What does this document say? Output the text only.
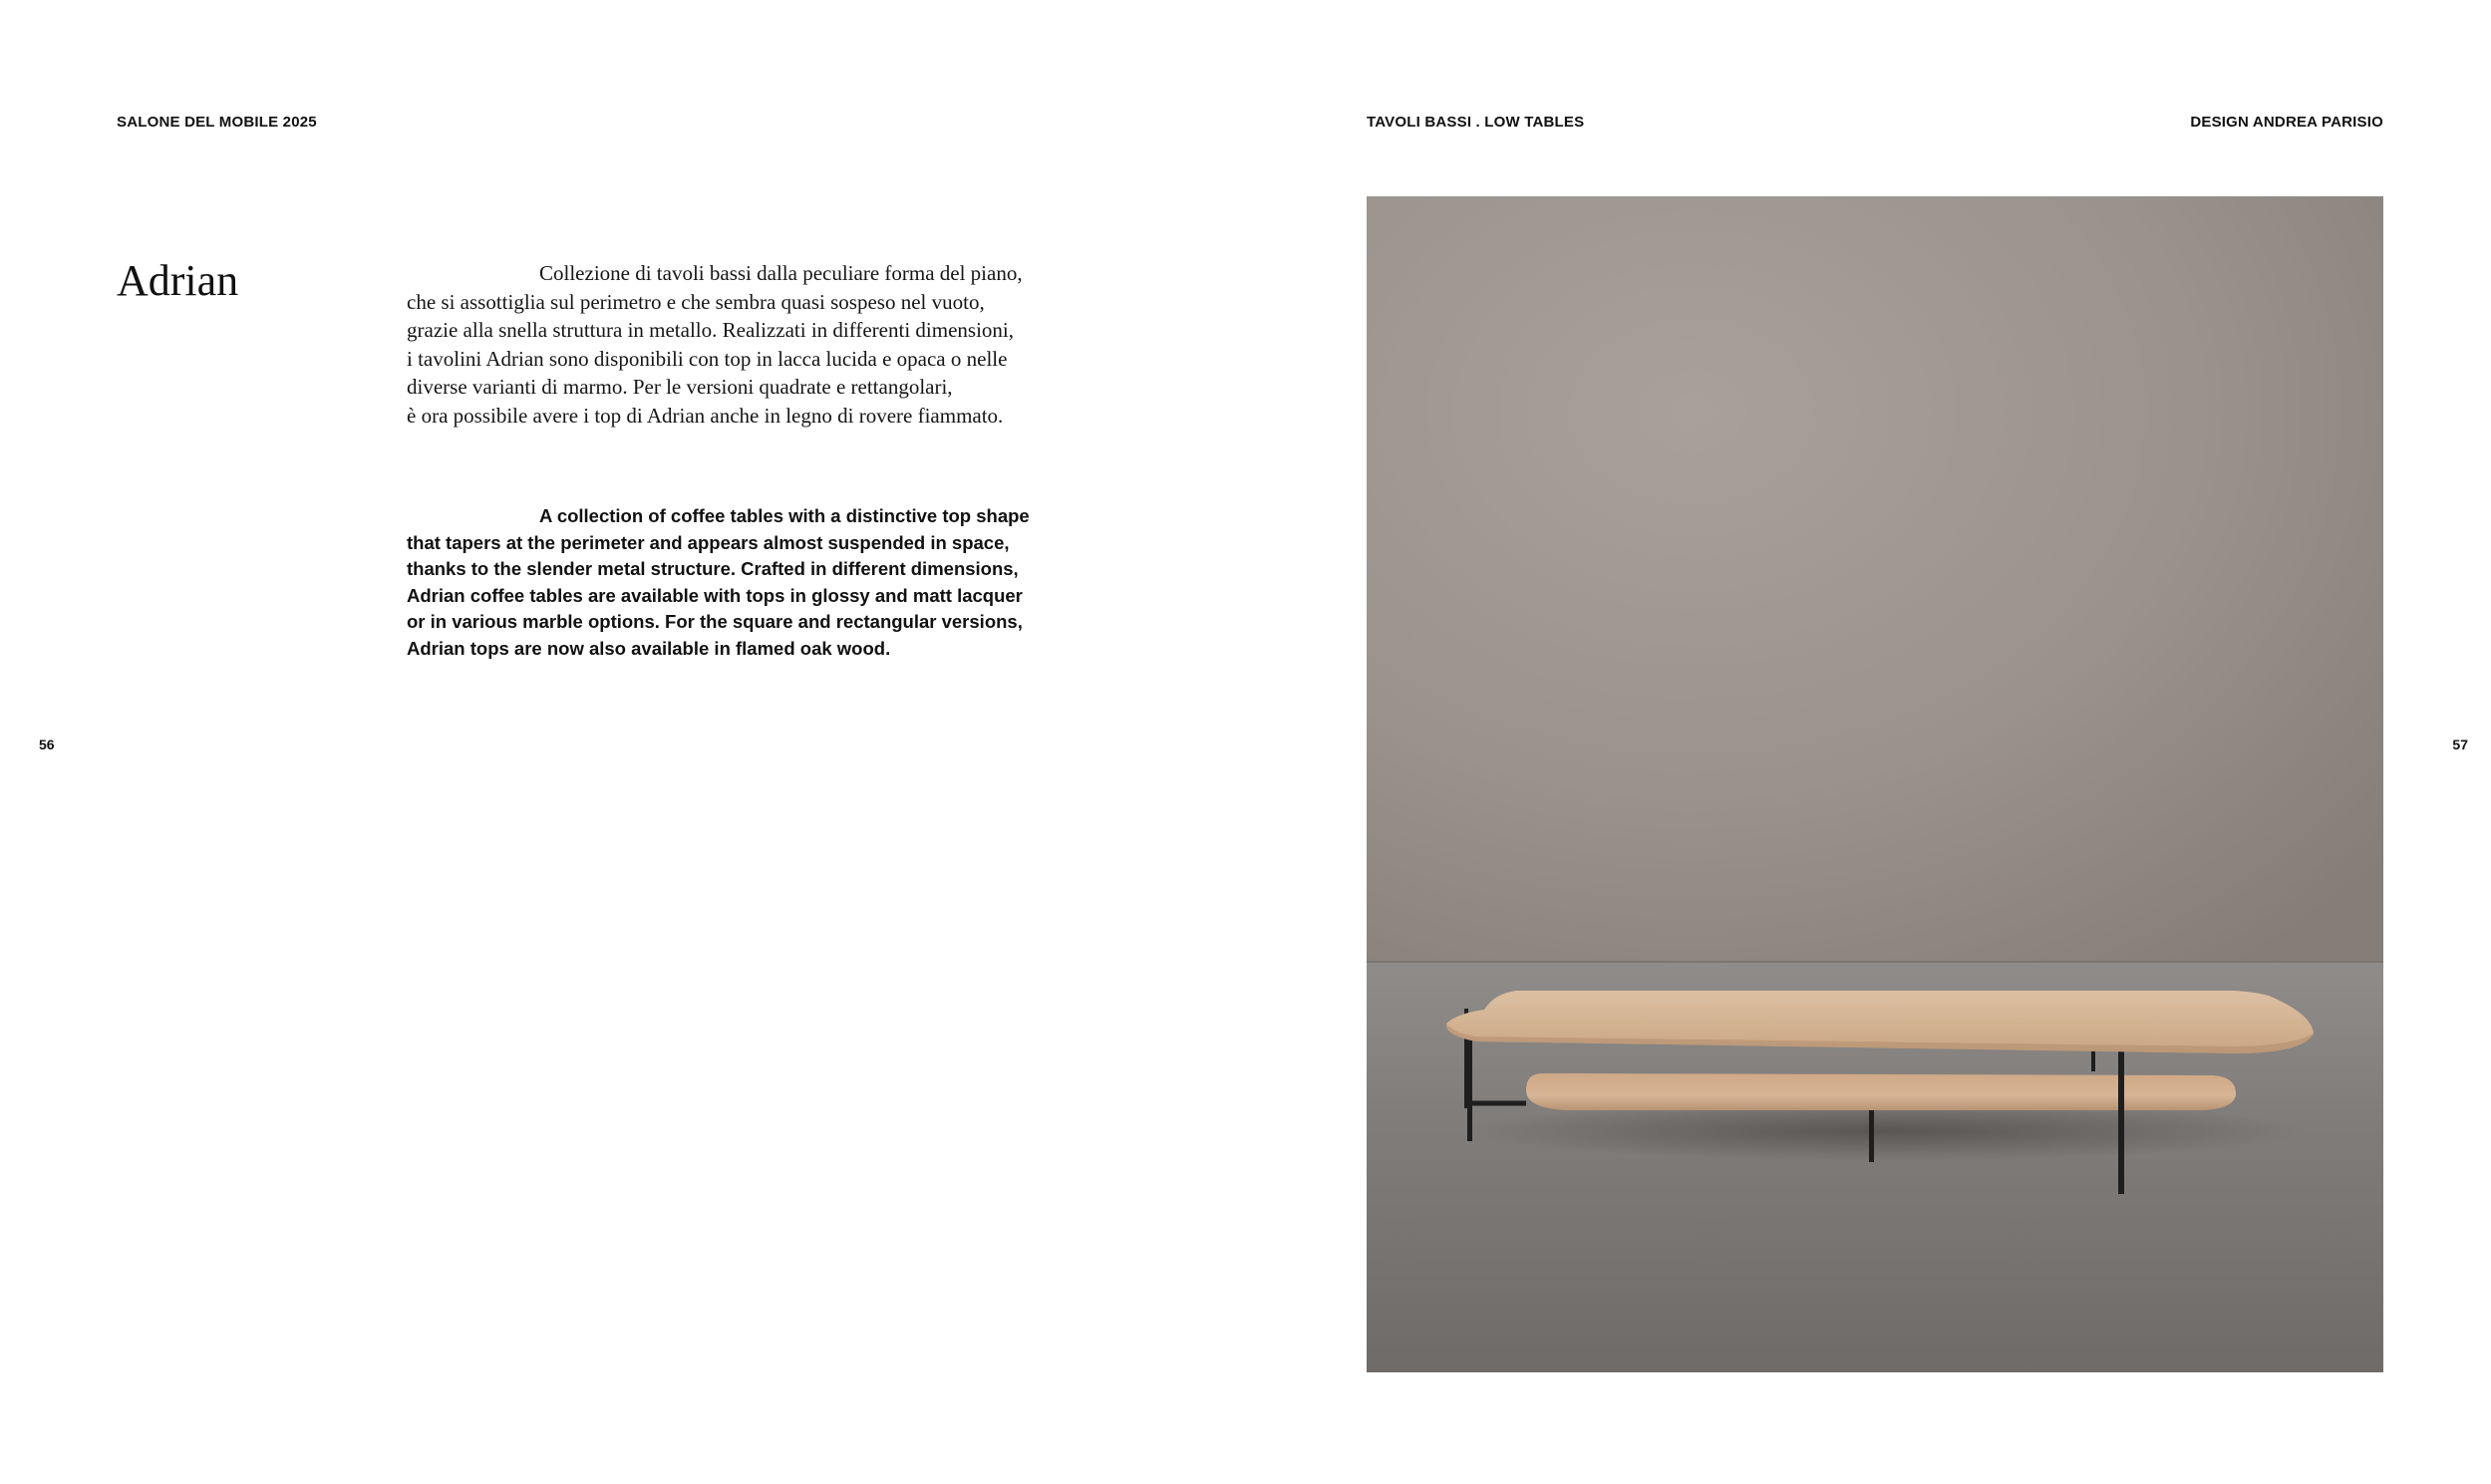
SALONE DEL MOBILE 2025	TAVOLI BASSI . LOW TABLES	DESIGN ANDREA PARISIO
56	57
Adrian	Collezione di tavoli bassi dalla peculiare forma del piano,
che si assottiglia sul perimetro e che sembra quasi sospeso nel vuoto,
grazie alla snella struttura in metallo. Realizzati in differenti dimensioni,
i tavolini Adrian sono disponibili con top in lacca lucida e opaca o nelle
diverse varianti di marmo. Per le versioni quadrate e rettangolari,
è ora possibile avere i top di Adrian anche in legno di rovere fiammato.

A collection of coffee tables with a distinctive top shape
that tapers at the perimeter and appears almost suspended in space,
thanks to the slender metal structure. Crafted in different dimensions,
Adrian coffee tables are available with tops in glossy and matt lacquer
or in various marble options. For the square and rectangular versions,
Adrian tops are now also available in flamed oak wood.
